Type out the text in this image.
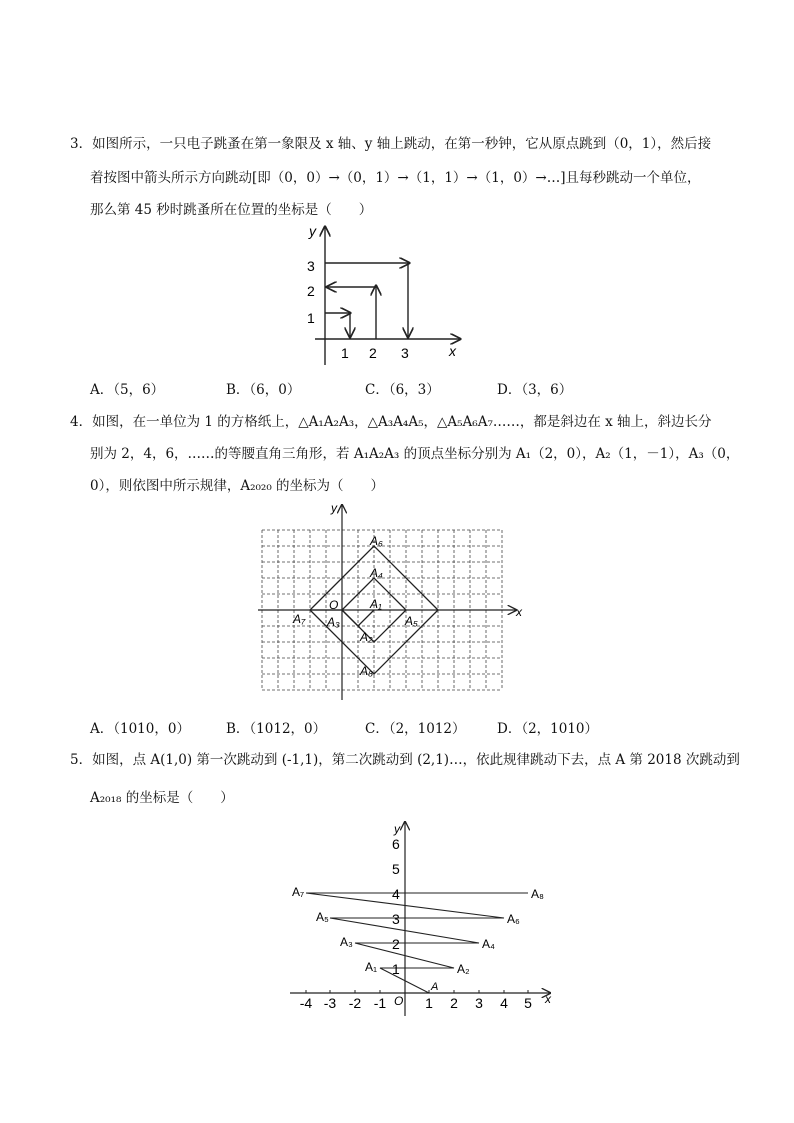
3．如图所示，一只电子跳蚤在第一象限及 x 轴、y 轴上跳动，在第一秒钟，它从原点跳到（0，1），然后接
着按图中箭头所示方向跳动[即（0，0）→（0，1）→（1，1）→（1，0）→…]且每秒跳动一个单位，
那么第 45 秒时跳蚤所在位置的坐标是（　　）
y
x
1 2 3
1
2
3
A．（5，6）	B．（6，0）	C．（6，3）	D．（3，6）
4．如图，在一单位为 1 的方格纸上，△A₁A₂A₃，△A₃A₄A₅，△A₅A₆A₇……，都是斜边在 x 轴上，斜边长分
别为 2，4，6，……的等腰直角三角形，若 A₁A₂A₃ 的顶点坐标分别为 A₁（2，0），A₂（1，－1），A₃（0，
0），则依图中所示规律，A₂₀₂₀ 的坐标为（　　）
y
x
O
A₆
A₄
A₁
A₃
A₂
A₅
A₇
A₈
A．（1010，0）	B．（1012，0）	C．（2，1012） D．（2，1010）
5．如图，点 A(1,0) 第一次跳动到 (-1,1)，第二次跳动到 (2,1)…，依此规律跳动下去，点 A 第 2018 次跳动到
A₂₀₁₈ 的坐标是（　　）
y
x
O
A
-4 -3 -2 -1	1 2 3 4 5
1
2
3
4
5
6
A₁	A₂
A₃	A₄
A₅	A₆
A₇	A₈
